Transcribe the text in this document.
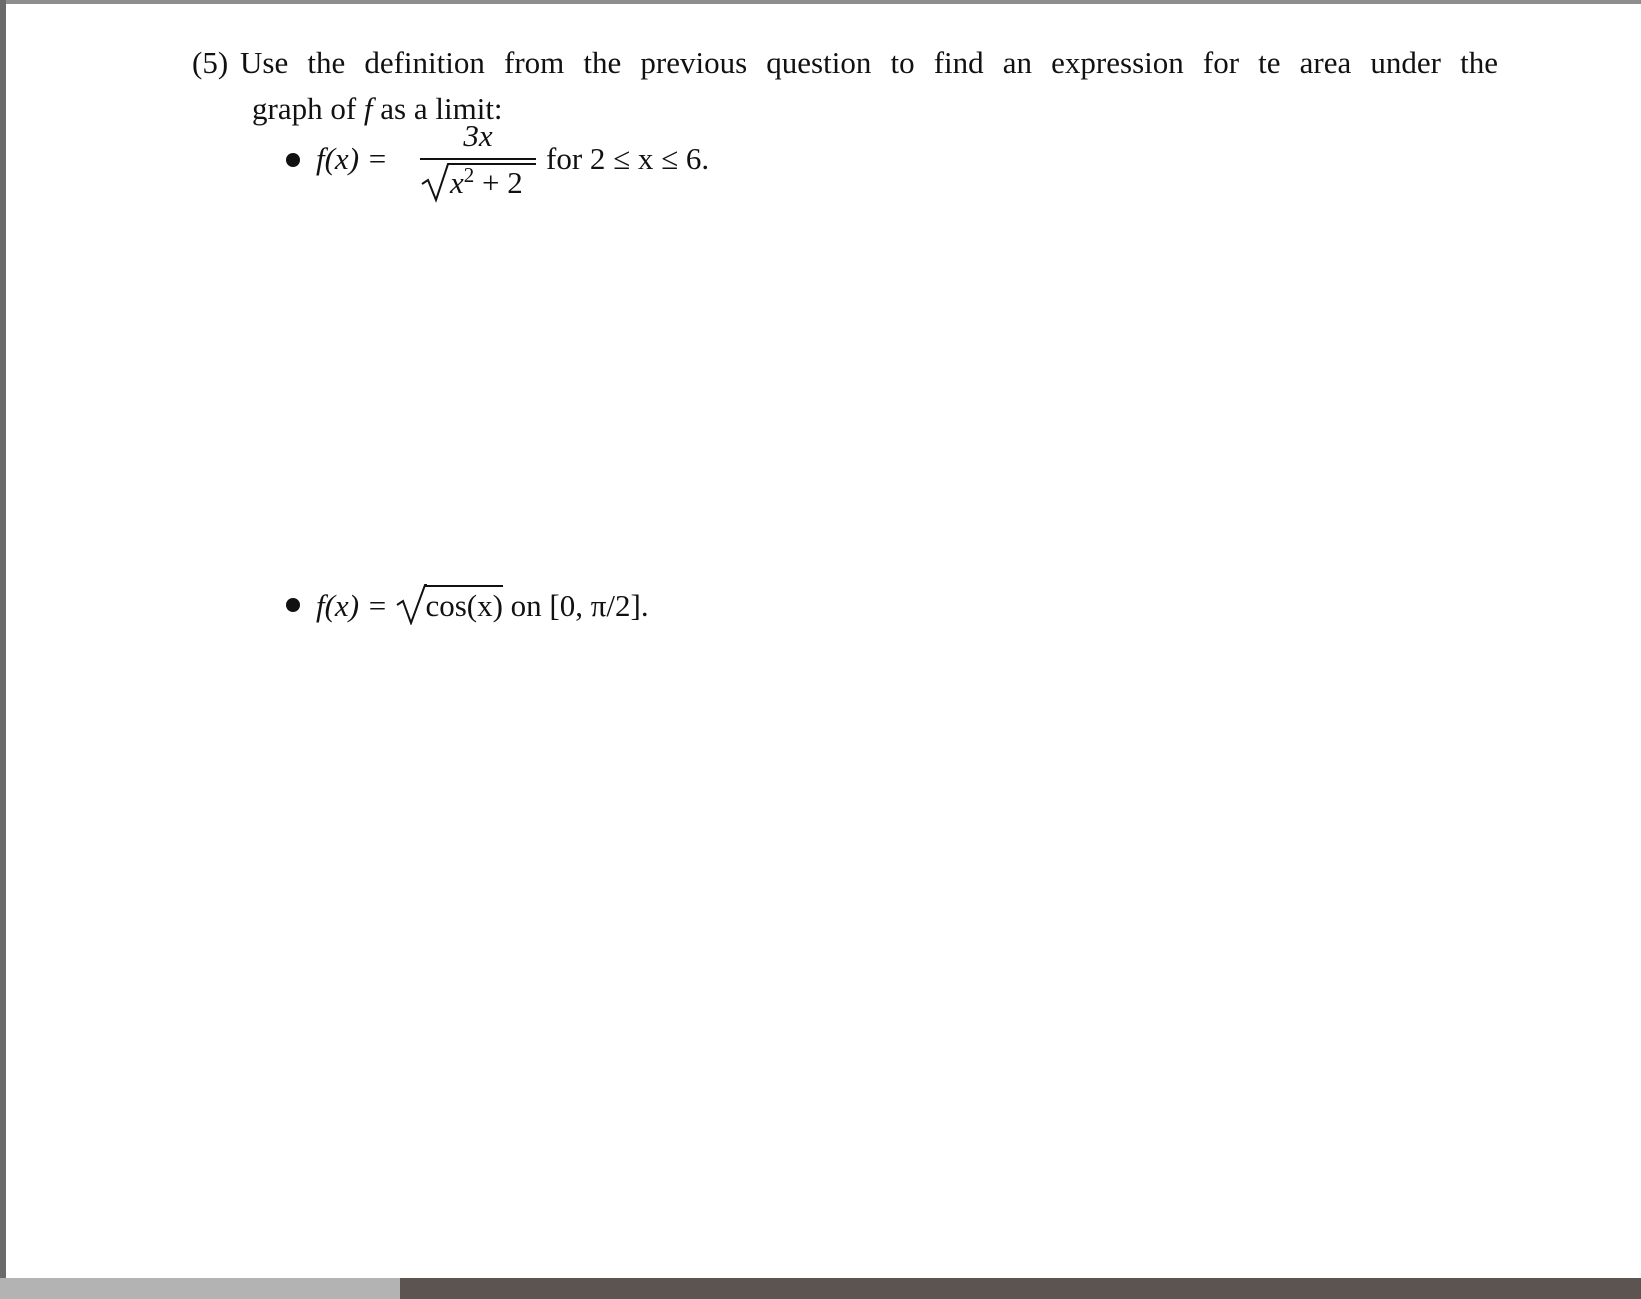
(5) Use the definition from the previous question to find an expression for te area under the
graph of f as a limit:
f(x) =
3x
$x^2 + 2$
for 2 ≤ x ≤ 6.
f(x) = cos(x) on [0, π/2].
